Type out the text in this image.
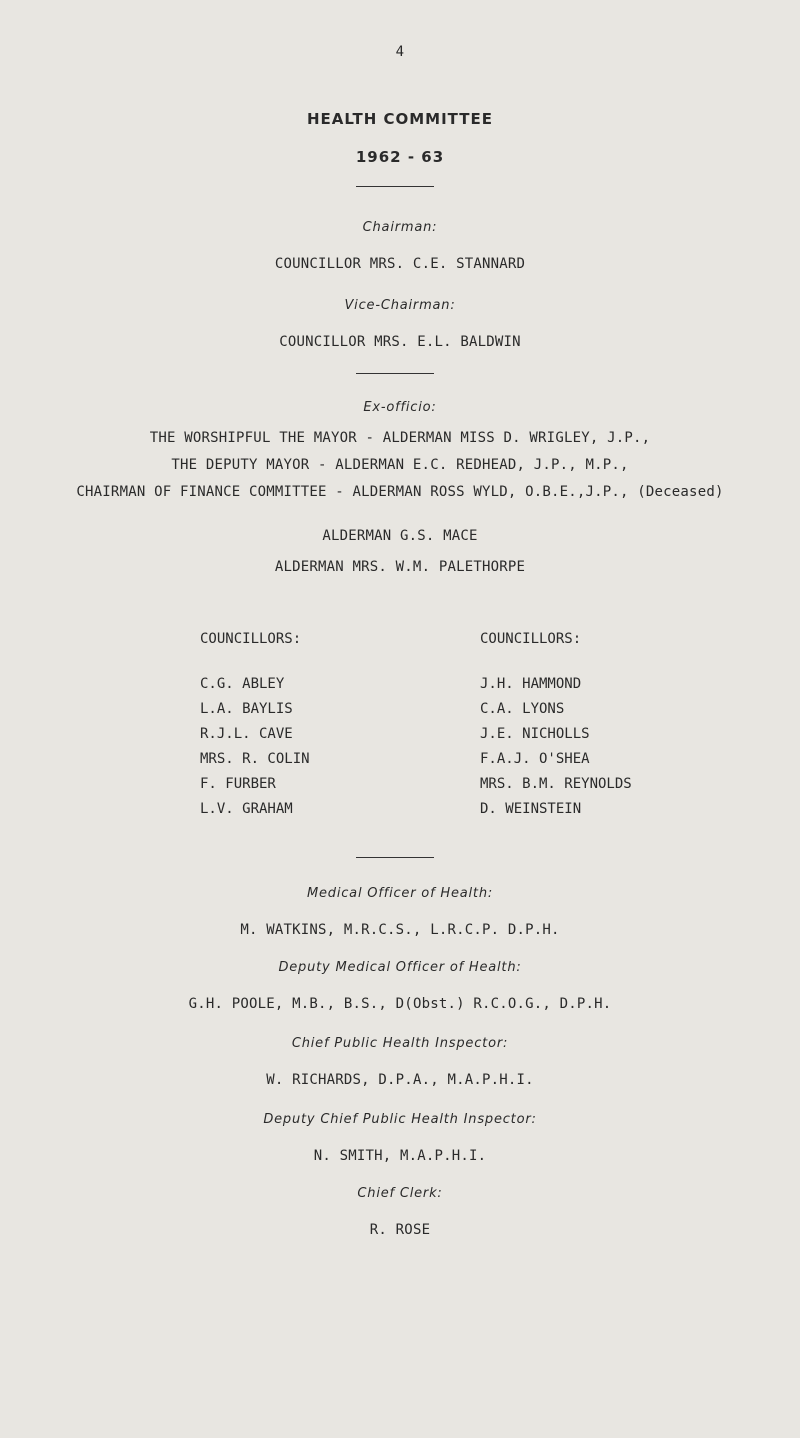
4
HEALTH COMMITTEE
1962 - 63
Chairman:
COUNCILLOR MRS. C.E. STANNARD
Vice-Chairman:
COUNCILLOR MRS. E.L. BALDWIN
Ex-officio:
THE WORSHIPFUL THE MAYOR - ALDERMAN MISS D. WRIGLEY, J.P.,
THE DEPUTY MAYOR - ALDERMAN E.C. REDHEAD, J.P., M.P.,
CHAIRMAN OF FINANCE COMMITTEE - ALDERMAN ROSS WYLD, O.B.E.,J.P., (Deceased)
ALDERMAN G.S. MACE
ALDERMAN MRS. W.M. PALETHORPE
COUNCILLORS:
C.G. ABLEY
L.A. BAYLIS
R.J.L. CAVE
MRS. R. COLIN
F. FURBER
L.V. GRAHAM
COUNCILLORS:
J.H. HAMMOND
C.A. LYONS
J.E. NICHOLLS
F.A.J. O'SHEA
MRS. B.M. REYNOLDS
D. WEINSTEIN
Medical Officer of Health:
M. WATKINS, M.R.C.S., L.R.C.P. D.P.H.
Deputy Medical Officer of Health:
G.H. POOLE, M.B., B.S., D(Obst.) R.C.O.G., D.P.H.
Chief Public Health Inspector:
W. RICHARDS, D.P.A., M.A.P.H.I.
Deputy Chief Public Health Inspector:
N. SMITH, M.A.P.H.I.
Chief Clerk:
R. ROSE
